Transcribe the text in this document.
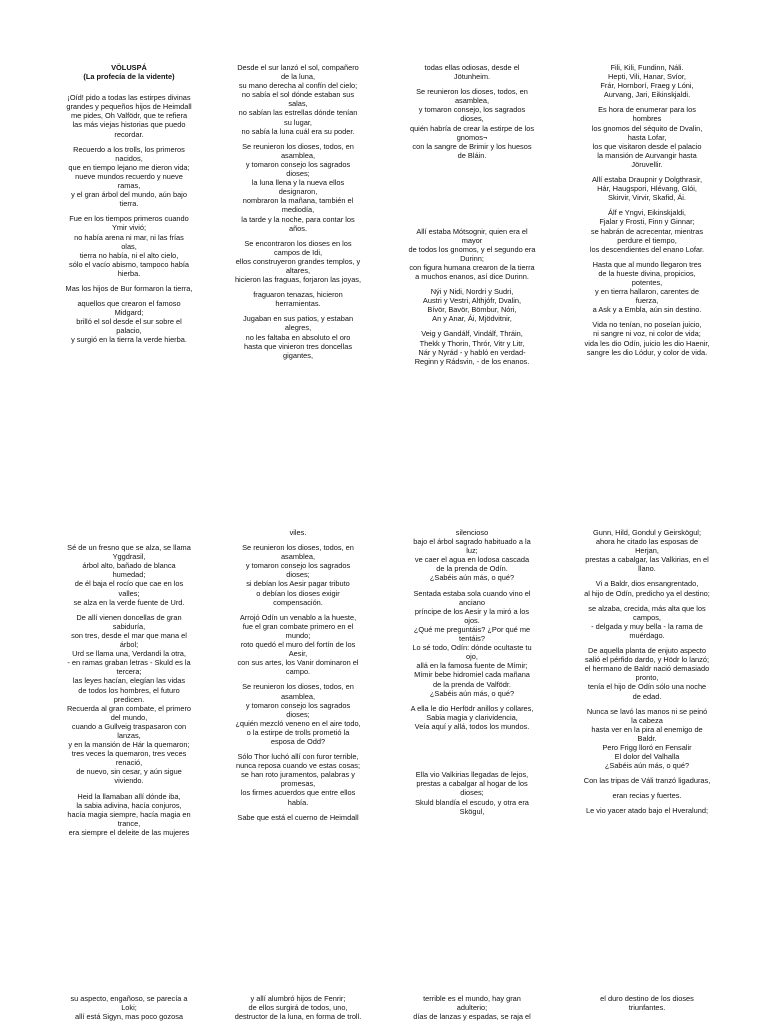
VÖLUSPÁ
(La profecía de la vidente)

¡Oíd! pido a todas las estirpes divinas
grandes y pequeños hijos de Heimdall
me pides, Oh Valfödr, que te refiera
las más viejas historias que puedo
recordar.

Recuerdo a los trolls, los primeros
nacidos,
que en tiempo lejano me dieron vida;
nueve mundos recuerdo y nueve
ramas,
y el gran árbol del mundo, aún bajo
tierra.

Fue en los tiempos primeros cuando
Ymir vivió;
no había arena ni mar, ni las frías
olas,
tierra no había, ni el alto cielo,
sólo el vacío abismo, tampoco había
hierba.

Mas los hijos de Bur formaron la tierra,

aquellos que crearon el famoso
Midgard;
brilló el sol desde el sur sobre el
palacio,
y surgió en la tierra la verde hierba.

Desde el sur lanzó el sol, compañero
de la luna,
su mano derecha al confín del cielo;
no sabía el sol dónde estaban sus
salas,
no sabían las estrellas dónde tenían
su lugar,
no sabía la luna cuál era su poder.

Se reunieron los dioses, todos, en
asamblea,
y tomaron consejo los sagrados
dioses;
la luna llena y la nueva ellos
designaron,
nombraron la mañana, también el
mediodía,
la tarde y la noche, para contar los
años.

Se encontraron los dioses en los
campos de Idi,
ellos construyeron grandes templos, y
altares,
hicieron las fraguas, forjaron las joyas,

fraguaron tenazas, hicieron
herramientas.

Jugaban en sus patios, y estaban
alegres,
no les faltaba en absoluto el oro
hasta que vinieron tres doncellas
gigantes,

todas ellas odiosas, desde el
Jötunheim.

Se reunieron los dioses, todos, en
asamblea,
y tomaron consejo, los sagrados
dioses,
quién habría de crear la estirpe de los
gnomos¬
con la sangre de Brimir y los huesos
de Bláin.

Allí estaba Mótsognir, quien era el
mayor
de todos los gnomos, y el segundo era
Durinn;
con figura humana crearon de la tierra
a muchos enanos, así dice Durinn.

Nýi y Nidi, Nordri y Sudri,
Austri y Vestri, Althjófr, Dvalin,
Bívör, Bavör, Bömbur, Nóri,
An y Anar, Ái, Mjödvitnir,

Veig y Gandálf, Vindálf, Thráin,
Thekk y Thorin, Thrór, Vitr y Litr,
Nár y Nyrád - y habló en verdad-
Reginn y Rádsvin, - de los enanos.

Fili, Kili, Fundinn, Náli.
Hepti, Vili, Hanar, Svíor,
Frár, Hornborí, Fraeg y Lóni,
Aurvang, Jari, Eikinskjaldi.

Es hora de enumerar para los
hombres
los gnomos del séquito de Dvalin,
hasta Lofar,
los que visitaron desde el palacio
la mansión de Aurvangir hasta
Jöruvellir.

Allí estaba Draupnir y Dolgthrasir,
Hár, Haugspori, Hlévang, Glói,
Skirvir, Virvir, Skafid, Ái.

Álf e Yngvi, Eikinskjaldi,
Fjalar y Frosti, Finn y Ginnar;
se habrán de acrecentar, mientras
perdure el tiempo,
los descendientes del enano Lofar.

Hasta que al mundo llegaron tres
de la hueste divina, propicios,
potentes,
y en tierra hallaron, carentes de
fuerza,
a Ask y a Embla, aún sin destino.

Vida no tenían, no poseían juicio,
ni sangre ni voz, ni color de vida;
vida les dio Odín, juicio les dio Haenir,
sangre les dio Lódur, y color de vida.

Sé de un fresno que se alza, se llama
Yggdrasil,
árbol alto, bañado de blanca
humedad;
de él baja el rocío que cae en los
valles;
se alza en la verde fuente de Urd.

De allí vienen doncellas de gran
sabiduría,
son tres, desde el mar que mana el
árbol;
Urd se llama una, Verdandi la otra,
- en ramas graban letras - Skuld es la
tercera;
las leyes hacían, elegían las vidas
de todos los hombres, el futuro
predicen.
Recuerda al gran combate, el primero
del mundo,
cuando a Gullveig traspasaron con
lanzas,
y en la mansión de Hár la quemaron;
tres veces la quemaron, tres veces
renació,
de nuevo, sin cesar, y aún sigue
viviendo.

Heid la llamaban allí dónde iba,
la sabia adivina, hacía conjuros,
hacía magia siempre, hacía magia en
trance,
era siempre el deleite de las mujeres

viles.

Se reunieron los dioses, todos, en
asamblea,
y tomaron consejo los sagrados
dioses;
si debían los Aesir pagar tributo
o debían los dioses exigir
compensación.

Arrojó Odín un venablo a la hueste,
fue el gran combate primero en el
mundo;
roto quedó el muro del fortín de los
Aesir,
con sus artes, los Vanir dominaron el
campo.

Se reunieron los dioses, todos, en
asamblea,
y tomaron consejo los sagrados
dioses;
¿quién mezcló veneno en el aire todo,
o la estirpe de trolls prometió la
esposa de Odd?

Sólo Thor luchó allí con furor terrible,
nunca reposa cuando ve estas cosas;
se han roto juramentos, palabras y
promesas,
los firmes acuerdos que entre ellos
había.

Sabe que está el cuerno de Heimdall

silencioso
bajo el árbol sagrado habituado a la
luz;
ve caer el agua en lodosa cascada
de la prenda de Odín.
¿Sabéis aún más, o qué?

Sentada estaba sola cuando vino el
anciano
príncipe de los Aesir y la miró a los
ojos.
¿Qué me preguntáis? ¿Por qué me
tentáis?
Lo sé todo, Odín: dónde ocultaste tu
ojo,
allá en la famosa fuente de Mímir;
Mímir bebe hidromiel cada mañana
de la prenda de Valfödr.
¿Sabéis aún más, o qué?

A ella le dio Herfödr anillos y collares,
Sabia magia y clarividencia,
Veía aquí y allá, todos los mundos.

Ella vio Valkirias llegadas de lejos,
prestas a cabalgar al hogar de los
dioses;
Skuld blandía el escudo, y otra era
Skögul,

Gunn, Hild, Gondul y Geirskögul;
ahora he citado las esposas de
Herjan,
prestas a cabalgar, las Valkirias, en el
llano.

Vi a Baldr, dios ensangrentado,
al hijo de Odín, predicho ya el destino;

se alzaba, crecida, más alta que los
campos,
- delgada y muy bella - la rama de
muérdago.

De aquella planta de enjuto aspecto
salió el pérfido dardo, y Hödr lo lanzó;
el hermano de Baldr nació demasiado
pronto,
tenía el hijo de Odín sólo una noche
de edad.

Nunca se lavó las manos ni se peinó
la cabeza
hasta ver en la pira al enemigo de
Baldr.
Pero Frigg lloró en Fensalir
El dolor del Valhalla
¿Sabéis aún más, o qué?

Con las tripas de Váli tranzó ligaduras,

eran recias y fuertes.

Le vio yacer atado bajo el Hveralund;

su aspecto, engañoso, se parecía a
Loki;
allí está Sigyn, mas poco gozosa

y allí alumbró hijos de Fenrir;
de ellos surgirá de todos, uno,
destructor de la luna, en forma de troll.

terrible es el mundo, hay gran
adulterio;
días de lanzas y espadas, se raja el

el duro destino de los dioses
triunfantes.
